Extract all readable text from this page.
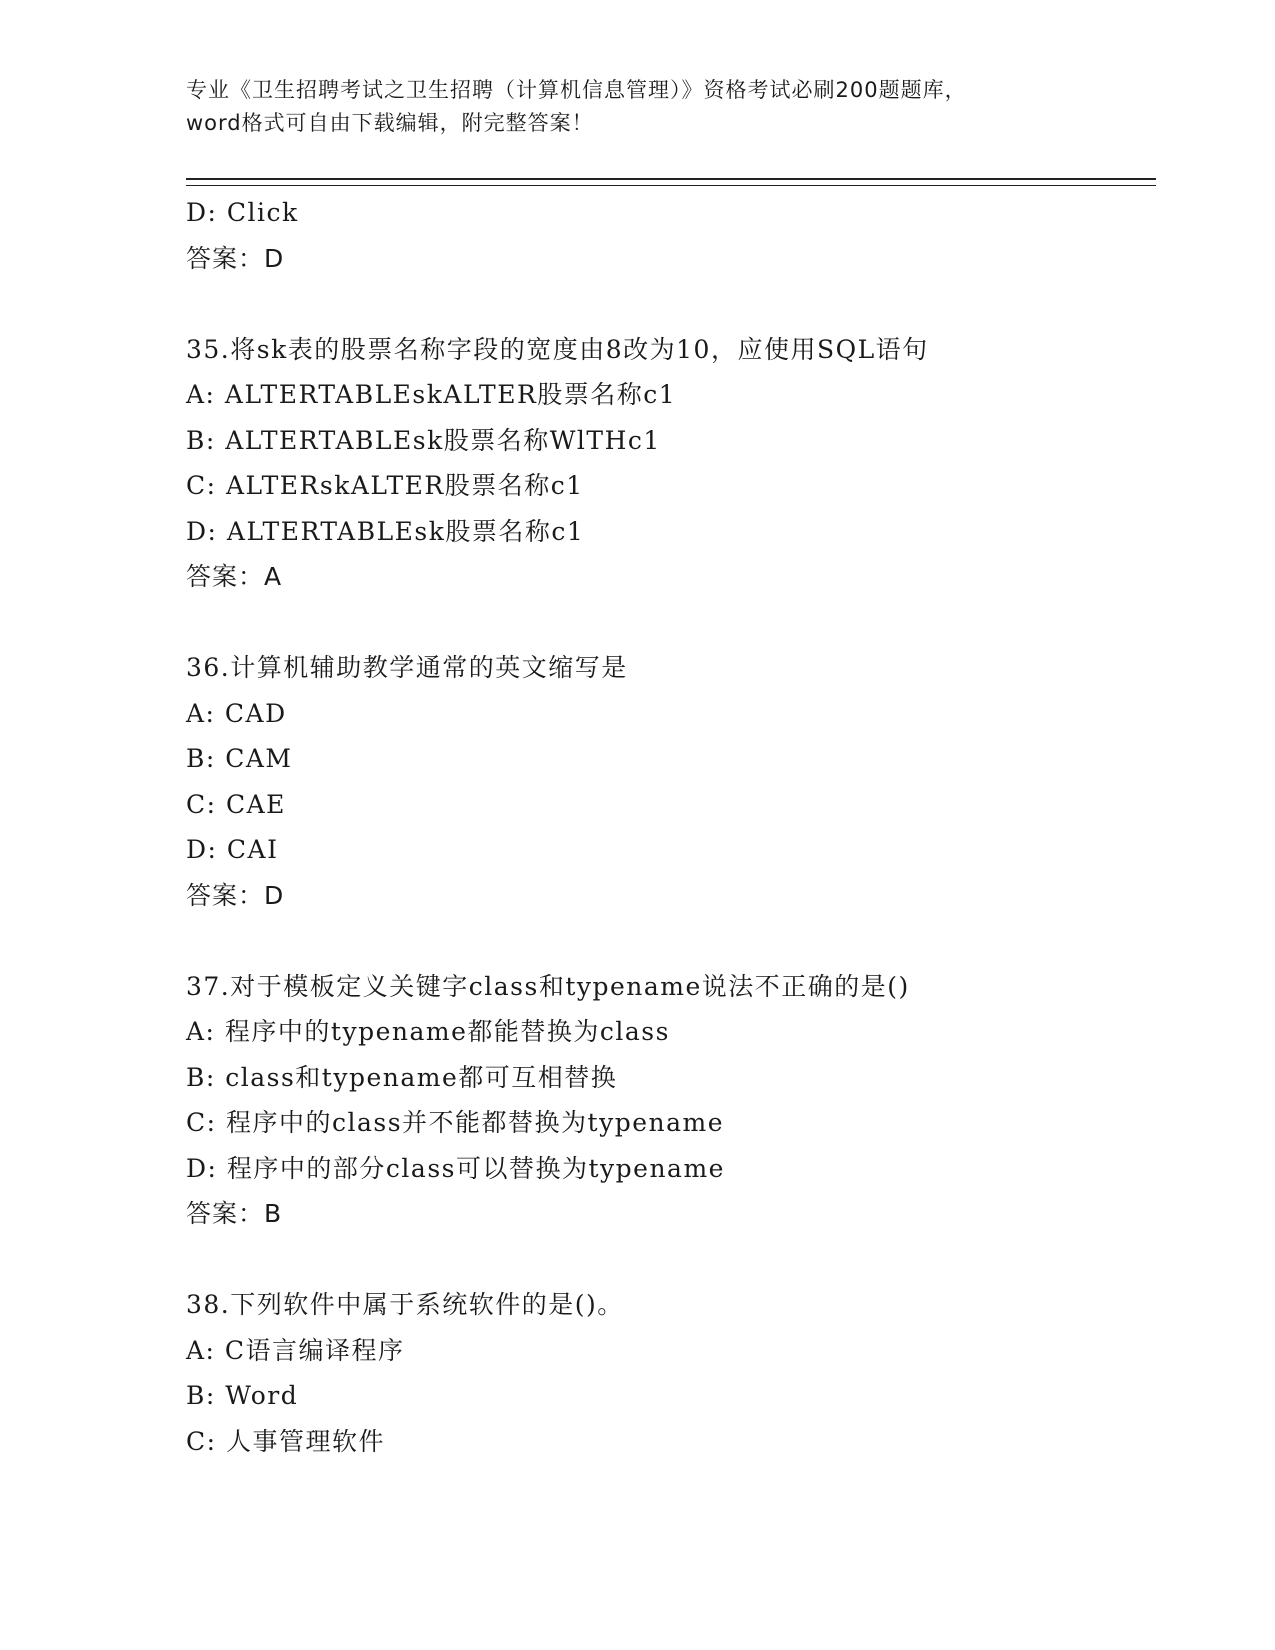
专业《卫生招聘考试之卫生招聘（计算机信息管理）》资格考试必刷200题题库，
word格式可自由下载编辑，附完整答案！
D: Click
答案：D
35.将sk表的股票名称字段的宽度由8改为10，应使用SQL语句
A: ALTERTABLEskALTER股票名称c1
B: ALTERTABLEsk股票名称WlTHc1
C: ALTERskALTER股票名称c1
D: ALTERTABLEsk股票名称c1
答案：A
36.计算机辅助教学通常的英文缩写是
A: CAD
B: CAM
C: CAE
D: CAI
答案：D
37.对于模板定义关键字class和typename说法不正确的是()
A: 程序中的typename都能替换为class
B: class和typename都可互相替换
C: 程序中的class并不能都替换为typename
D: 程序中的部分class可以替换为typename
答案：B
38.下列软件中属于系统软件的是()。
A: C语言编译程序
B: Word
C: 人事管理软件
